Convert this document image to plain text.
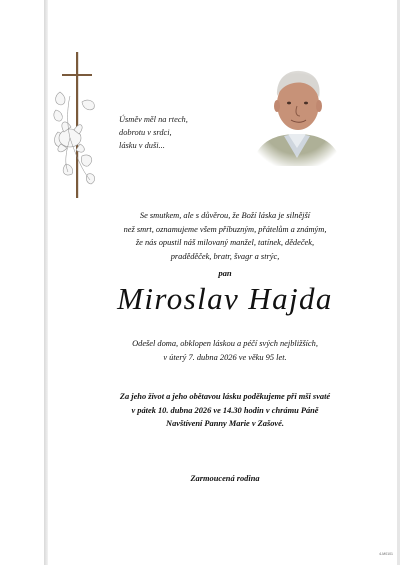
Úsměv měl na rtech,
dobrotu v srdci,
lásku v duši...
Se smutkem, ale s důvěrou, že Boží láska je silnější
než smrt, oznamujeme všem příbuzným, přátelům a známým,
že nás opustil náš milovaný manžel, tatínek, dědeček,
praděděček, bratr, švagr a strýc,
pan
Miroslav Hajda
Odešel doma, obklopen láskou a péčí svých nejbližších,
v úterý 7. dubna 2026 ve věku 95 let.
Za jeho život a jeho obětavou lásku poděkujeme při mši svaté
v pátek 10. dubna 2026 ve 14.30 hodin v chrámu Páně
Navštívení Panny Marie v Zašové.
Zarmoucená rodina
4-M0101
